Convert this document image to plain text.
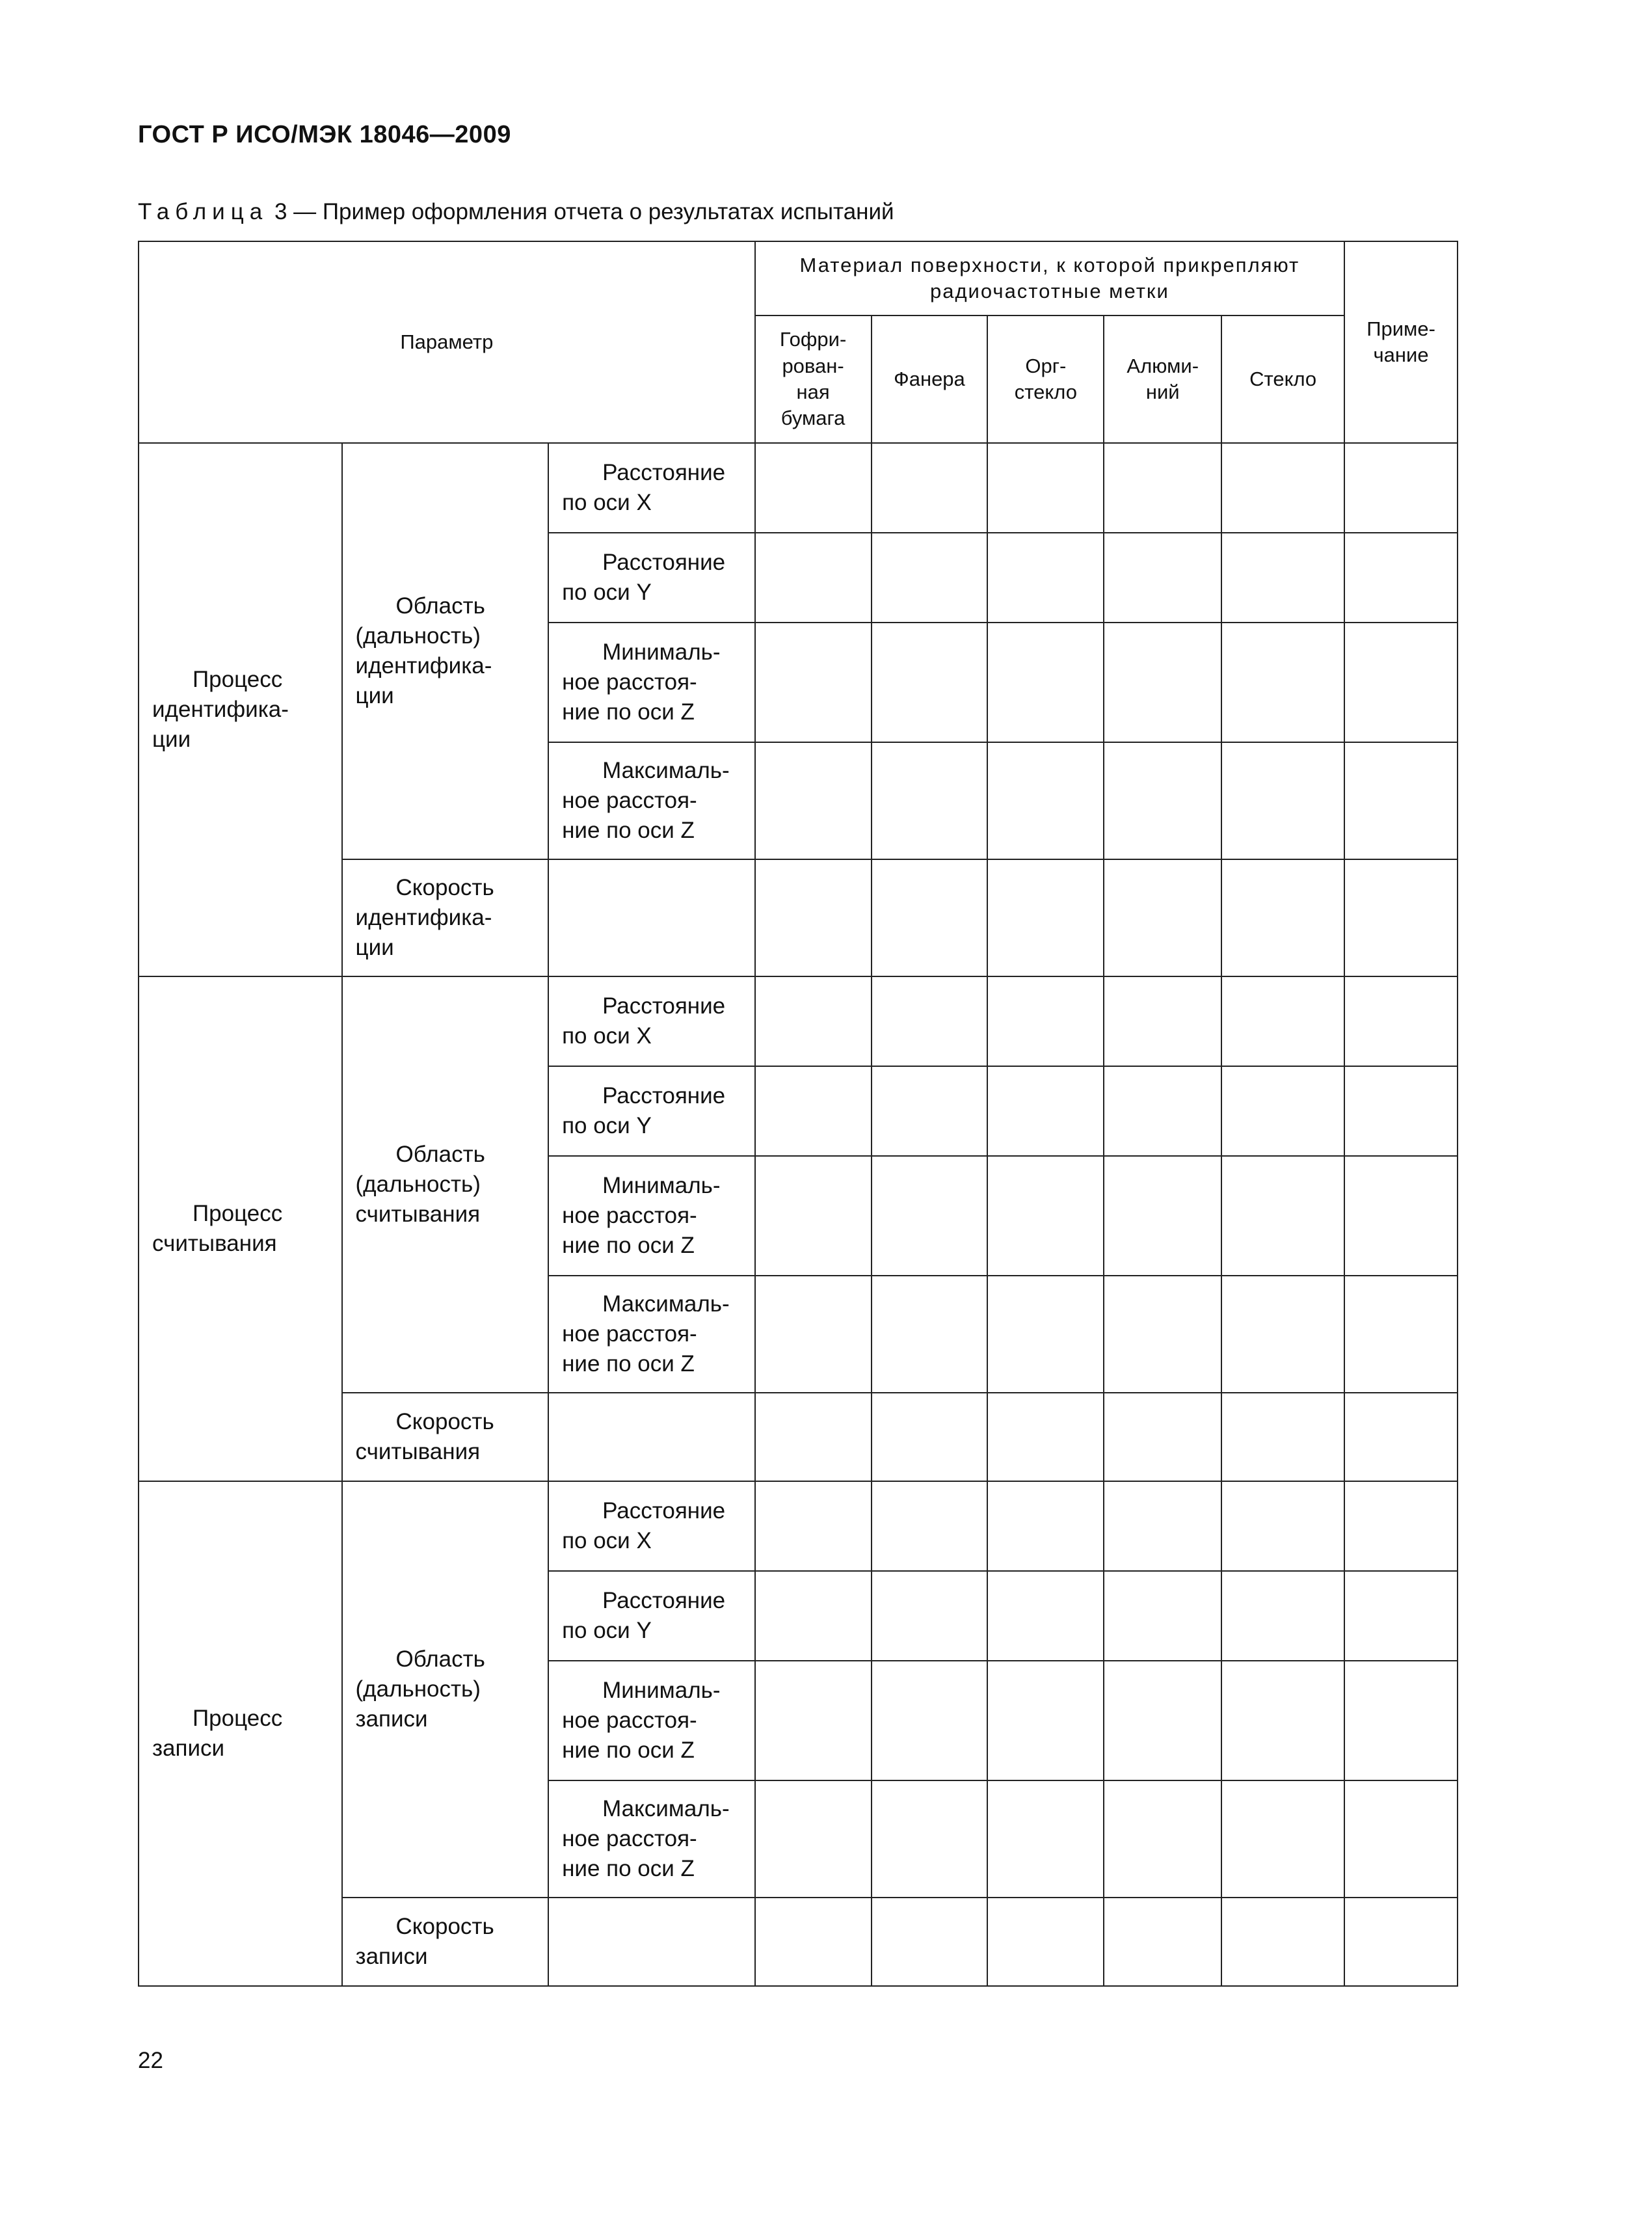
ГОСТ Р ИСО/МЭК 18046—2009
Таблица 3 — Пример оформления отчета о результатах испытаний
Параметр			Материал поверхности, к которой прикрепляют радиочастотные метки					Приме-
чание

			Гофри-
рован-
ная
бумага	Фанера	Орг-
стекло	Алюми-
ний	Стекло	

Процесс
идентифика-
ции	Область
(дальность)
идентифика-
ции	Расстояние
по оси X						

		Расстояние
по оси Y						

		Минималь-
ное расстоя-
ние по оси Z						

		Максималь-
ное расстоя-
ние по оси Z						

	Скорость
идентифика-
ции							

Процесс
считывания	Область
(дальность)
считывания	Расстояние
по оси X						

		Расстояние
по оси Y						

		Минималь-
ное расстоя-
ние по оси Z						

		Максималь-
ное расстоя-
ние по оси Z						

	Скорость
считывания							

Процесс
записи	Область
(дальность)
записи	Расстояние
по оси X						

		Расстояние
по оси Y						

		Минималь-
ное расстоя-
ние по оси Z						

		Максималь-
ное расстоя-
ние по оси Z						

	Скорость
записи							

22
